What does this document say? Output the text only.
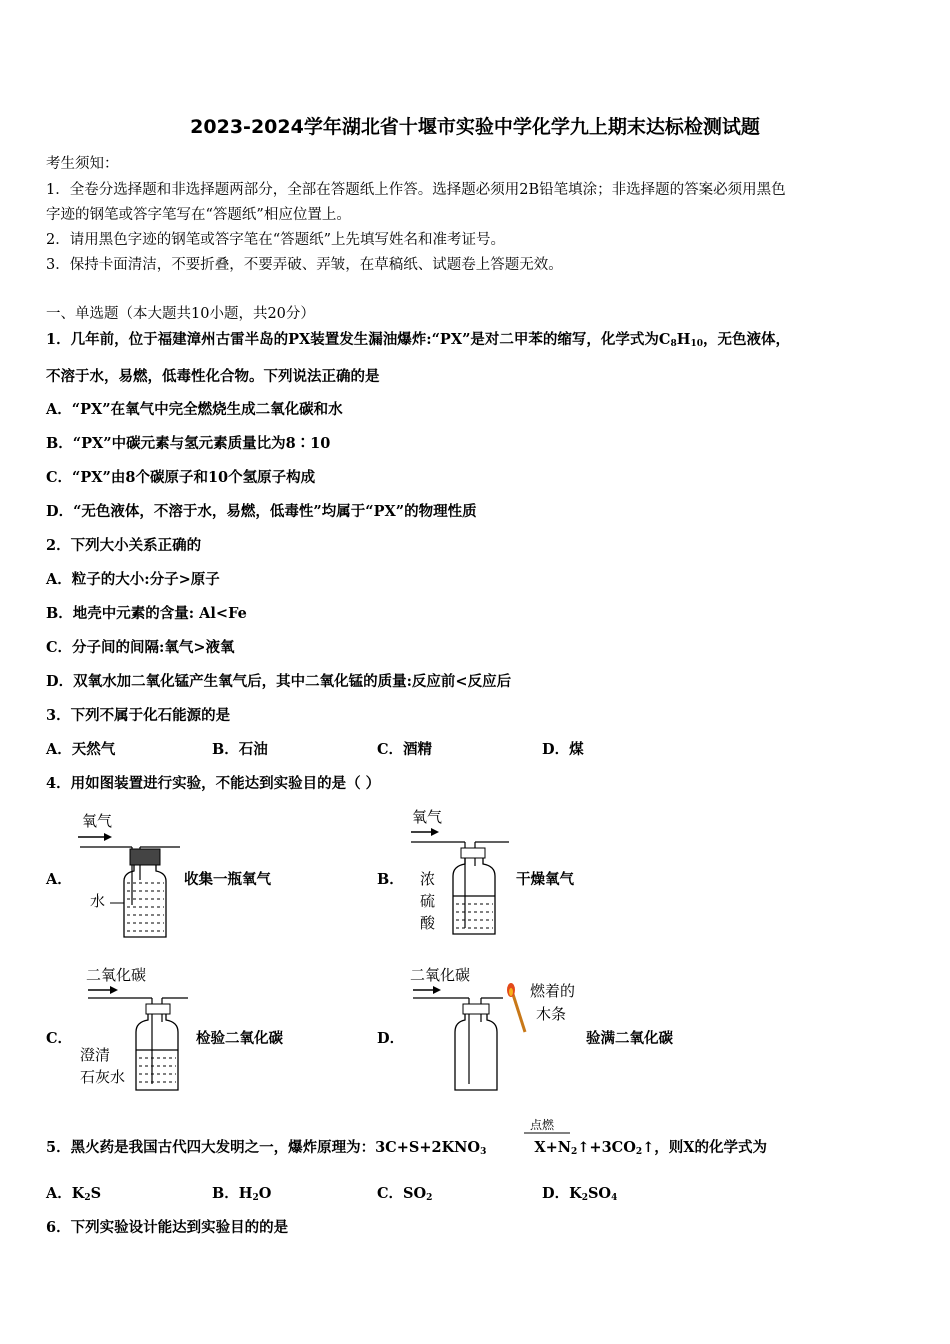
2023-2024学年湖北省十堰市实验中学化学九上期末达标检测试题
考生须知：
1．全卷分选择题和非选择题两部分，全部在答题纸上作答。选择题必须用2B铅笔填涂；非选择题的答案必须用黑色
字迹的钢笔或答字笔写在“答题纸”相应位置上。
2．请用黑色字迹的钢笔或答字笔在“答题纸”上先填写姓名和准考证号。
3．保持卡面清洁，不要折叠，不要弄破、弄皱，在草稿纸、试题卷上答题无效。
一、单选题（本大题共10小题，共20分）
1．几年前，位于福建漳州古雷半岛的PX装置发生漏油爆炸:“PX”是对二甲苯的缩写，化学式为$C_8H_{10}$，无色液体，
不溶于水，易燃，低毒性化合物。下列说法正确的是
A．“PX”在氧气中完全燃烧生成二氧化碳和水
B．“PX”中碳元素与氢元素质量比为8∶10
C．“PX”由8个碳原子和10个氢原子构成
D．“无色液体，不溶于水，易燃，低毒性”均属于“PX”的物理性质
2．下列大小关系正确的
A．粒子的大小:分子>原子
B．地壳中元素的含量: Al<Fe
C．分子间的间隔:氧气>液氧
D．双氧水加二氧化锰产生氧气后，其中二氧化锰的质量:反应前<反应后
3．下列不属于化石能源的是
A．天然气	B．石油	C．酒精	D．煤
4．用如图装置进行实验，不能达到实验目的是（ ）
A．	收集一瓶氧气
氧气
水
B．	干燥氧气
氧气
浓
硫
酸
C．	检验二氧化碳
二氧化碳
澄清
石灰水
D．	验满二氧化碳
二氧化碳
燃着的
木条
点燃
5．黑火药是我国古代四大发明之一，爆炸原理为：$3C+S+2KNO_3$	$X+N_2↑+3CO_2↑$，则X的化学式为
A．$K_2S$	B．$H_2O$	C．$SO_2$	D．$K_2SO_4$
6．下列实验设计能达到实验目的的是
